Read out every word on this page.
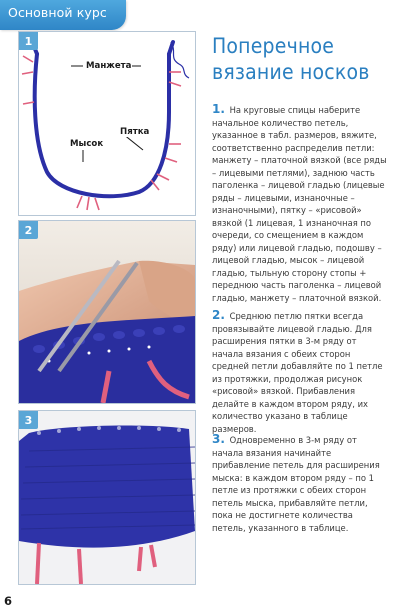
Основной курс
1
Манжета
Пятка
Мысок
2
3
Поперечное
вязание носков

1. На круговые спицы наберите начальное количество петель, указанное в табл. размеров, вяжите, соответственно распределив петли: манжету – платочной вязкой (все ряды – лицевыми петлями), заднюю часть паголенка – лицевой гладью (лицевые ряды – лицевыми, изнаночные – изнаночными), пятку – «рисовой» вязкой (1 лицевая, 1 изнаночная по очереди, со смещением в каждом ряду) или лицевой гладью, подошву – лицевой гладью, мысок – лицевой гладью, тыльную сторону стопы + переднюю часть паголенка – лицевой гладью, манжету – платочной вязкой.

2. Среднюю петлю пятки всегда провязывайте лицевой гладью. Для расширения пятки в 3-м ряду от начала вязания с обеих сторон средней петли добавляйте по 1 петле из протяжки, продолжая рисунок «рисовой» вязкой. Прибавления делайте в каждом втором ряду, их количество указано в таблице размеров.

3. Одновременно в 3-м ряду от начала вязания начинайте прибавление петель для расширения мыска: в каждом втором ряду – по 1 петле из протяжки с обеих сторон петель мыска, прибавляйте петли, пока не достигнете количества петель, указанного в таблице.

6
